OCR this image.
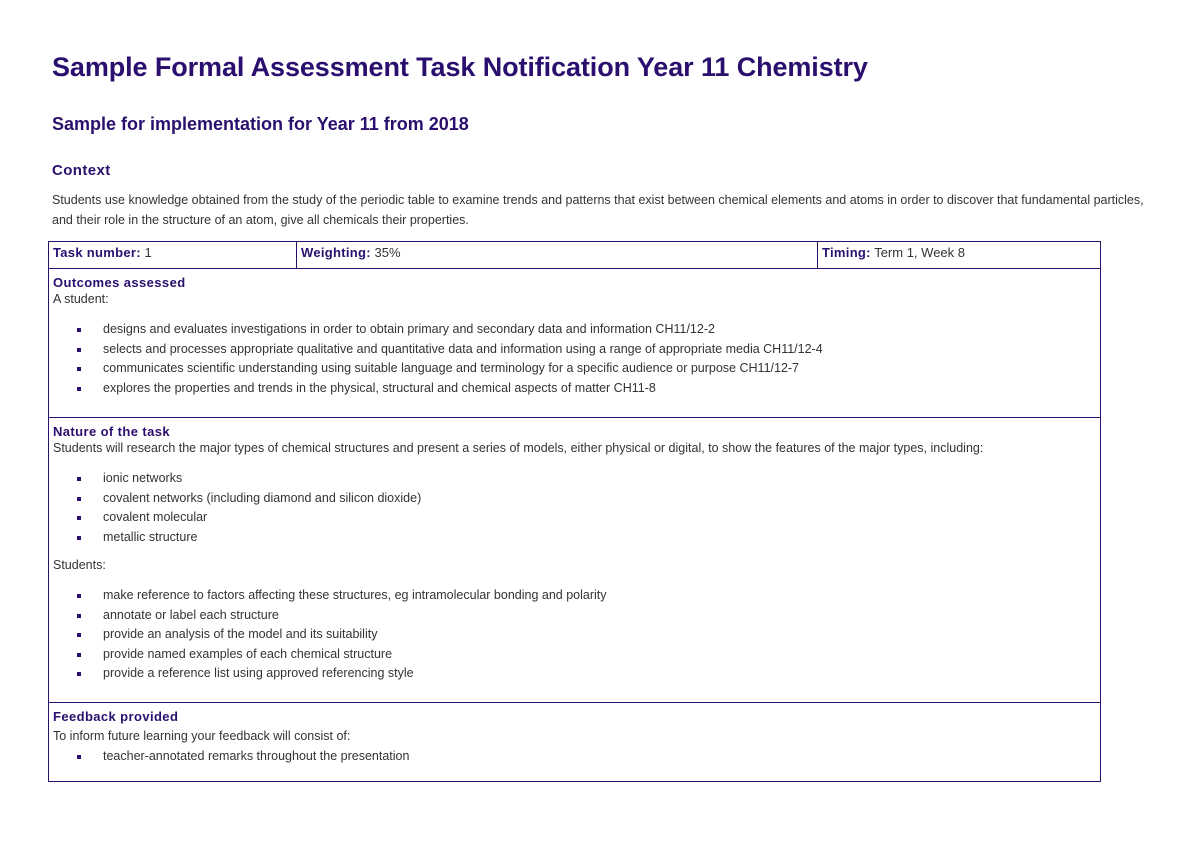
Sample Formal Assessment Task Notification Year 11 Chemistry
Sample for implementation for Year 11 from 2018
Context

Students use knowledge obtained from the study of the periodic table to examine trends and patterns that exist between chemical elements and atoms in order to discover that fundamental particles, and their role in the structure of an atom, give all chemicals their properties.

Task number: 1	Weighting: 35%	Timing: Term 1, Week 8

Outcomes assessed
A student:
designs and evaluates investigations in order to obtain primary and secondary data and information CH11/12-2
selects and processes appropriate qualitative and quantitative data and information using a range of appropriate media CH11/12-4
communicates scientific understanding using suitable language and terminology for a specific audience or purpose CH11/12-7
explores the properties and trends in the physical, structural and chemical aspects of matter CH11-8

Nature of the task
Students will research the major types of chemical structures and present a series of models, either physical or digital, to show the features of the major types, including:
ionic networks
covalent networks (including diamond and silicon dioxide)
covalent molecular
metallic structure
Students:
make reference to factors affecting these structures, eg intramolecular bonding and polarity
annotate or label each structure
provide an analysis of the model and its suitability
provide named examples of each chemical structure
provide a reference list using approved referencing style

Feedback provided
To inform future learning your feedback will consist of:
teacher-annotated remarks throughout the presentation
